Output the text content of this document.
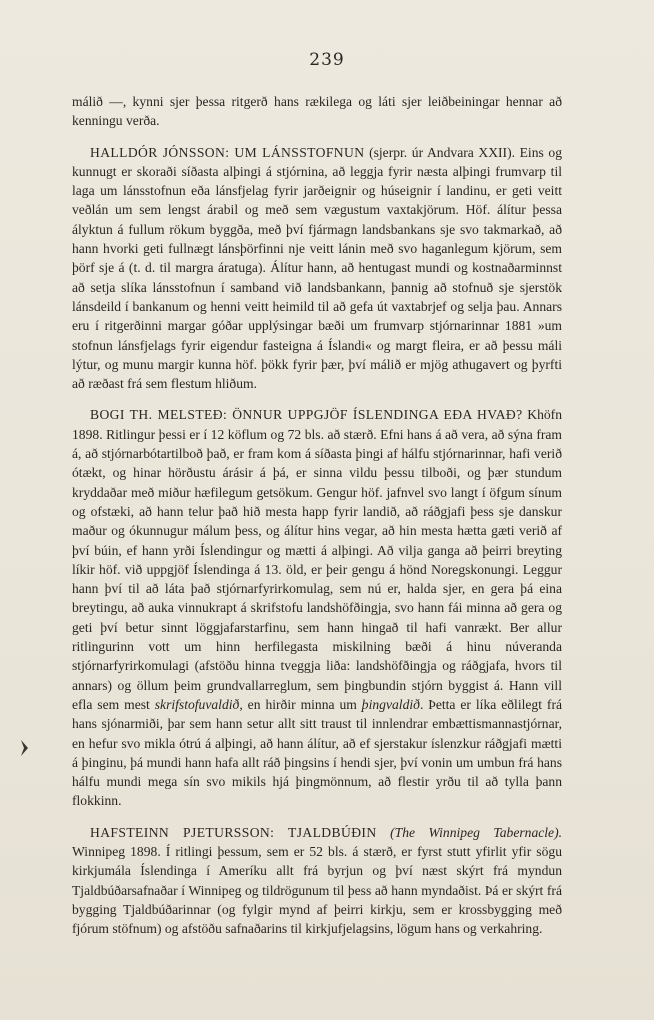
239

málið —, kynni sjer þessa ritgerð hans rækilega og láti sjer leiðbeiningar hennar að kenningu verða.

HALLDÓR JÓNSSON: UM LÁNSSTOFNUN (sjerpr. úr Andvara XXII). Eins og kunnugt er skoraði síðasta alþingi á stjórnina, að leggja fyrir næsta alþingi frumvarp til laga um lánsstofnun eða lánsfjelag fyrir jarðeignir og húseignir í landinu, er geti veitt veðlán um sem lengst árabil og með sem vægustum vaxtakjörum. Höf. álítur þessa ályktun á fullum rökum byggða, með því fjármagn landsbankans sje svo takmarkað, að hann hvorki geti fullnægt lánsþörfinni nje veitt lánin með svo haganlegum kjörum, sem þörf sje á (t. d. til margra áratuga). Álítur hann, að hentugast mundi og kostnaðarminnst að setja slíka lánsstofnun í samband við landsbankann, þannig að stofnuð sje sjerstök lánsdeild í bankanum og henni veitt heimild til að gefa út vaxtabrjef og selja þau. Annars eru í ritgerðinni margar góðar upplýsingar bæði um frumvarp stjórnarinnar 1881 »um stofnun lánsfjelags fyrir eigendur fasteigna á Íslandi« og margt fleira, er að þessu máli lýtur, og munu margir kunna höf. þökk fyrir þær, því málið er mjög athugavert og þyrfti að ræðast frá sem flestum hliðum.

BOGI TH. MELSTEÐ: ÖNNUR UPPGJÖF ÍSLENDINGA EÐA HVAÐ? Khöfn 1898. Ritlingur þessi er í 12 köflum og 72 bls. að stærð. Efni hans á að vera, að sýna fram á, að stjórnarbótartilboð það, er fram kom á síðasta þingi af hálfu stjórnarinnar, hafi verið ótækt, og hinar hörðustu árásir á þá, er sinna vildu þessu tilboði, og þær stundum kryddaðar með miður hæfilegum getsökum. Gengur höf. jafnvel svo langt í öfgum sínum og ofstæki, að hann telur það hið mesta happ fyrir landið, að ráðgjafi þess sje danskur maður og ókunnugur málum þess, og álítur hins vegar, að hin mesta hætta gæti verið af því búin, ef hann yrði Íslendingur og mætti á alþingi. Að vilja ganga að þeirri breyting líkir höf. við uppgjöf Íslendinga á 13. öld, er þeir gengu á hönd Noregskonungi. Leggur hann því til að láta það stjórnarfyrirkomulag, sem nú er, halda sjer, en gera þá eina breytingu, að auka vinnukrapt á skrifstofu landshöfðingja, svo hann fái minna að gera og geti því betur sinnt löggjafarstarfinu, sem hann hingað til hafi vanrækt. Ber allur ritlingurinn vott um hinn herfilegasta miskilning bæði á hinu núveranda stjórnarfyrirkomulagi (afstöðu hinna tveggja liða: landshöfðingja og ráðgjafa, hvors til annars) og öllum þeim grundvallarreglum, sem þingbundin stjórn byggist á. Hann vill efla sem mest skrifstofuvaldið, en hirðir minna um þingvaldið. Þetta er líka eðlilegt frá hans sjónarmiði, þar sem hann setur allt sitt traust til innlendrar embættismannastjórnar, en hefur svo mikla ótrú á alþingi, að hann álítur, að ef sjerstakur íslenzkur ráðgjafi mætti á þinginu, þá mundi hann hafa allt ráð þingsins í hendi sjer, því vonin um umbun frá hans hálfu mundi mega sín svo mikils hjá þingmönnum, að flestir yrðu til að tylla þann flokkinn.

HAFSTEINN PJETURSSON: TJALDBÚÐIN (The Winnipeg Tabernacle). Winnipeg 1898. Í ritlingi þessum, sem er 52 bls. á stærð, er fyrst stutt yfirlit yfir sögu kirkjumála Íslendinga í Ameríku allt frá byrjun og því næst skýrt frá myndun Tjaldbúðarsafnaðar í Winnipeg og tildrögunum til þess að hann myndaðist. Þá er skýrt frá bygging Tjaldbúðarinnar (og fylgir mynd af þeirri kirkju, sem er krossbygging með fjórum stöfnum) og afstöðu safnaðarins til kirkjufjelagsins, lögum hans og verkahring.
